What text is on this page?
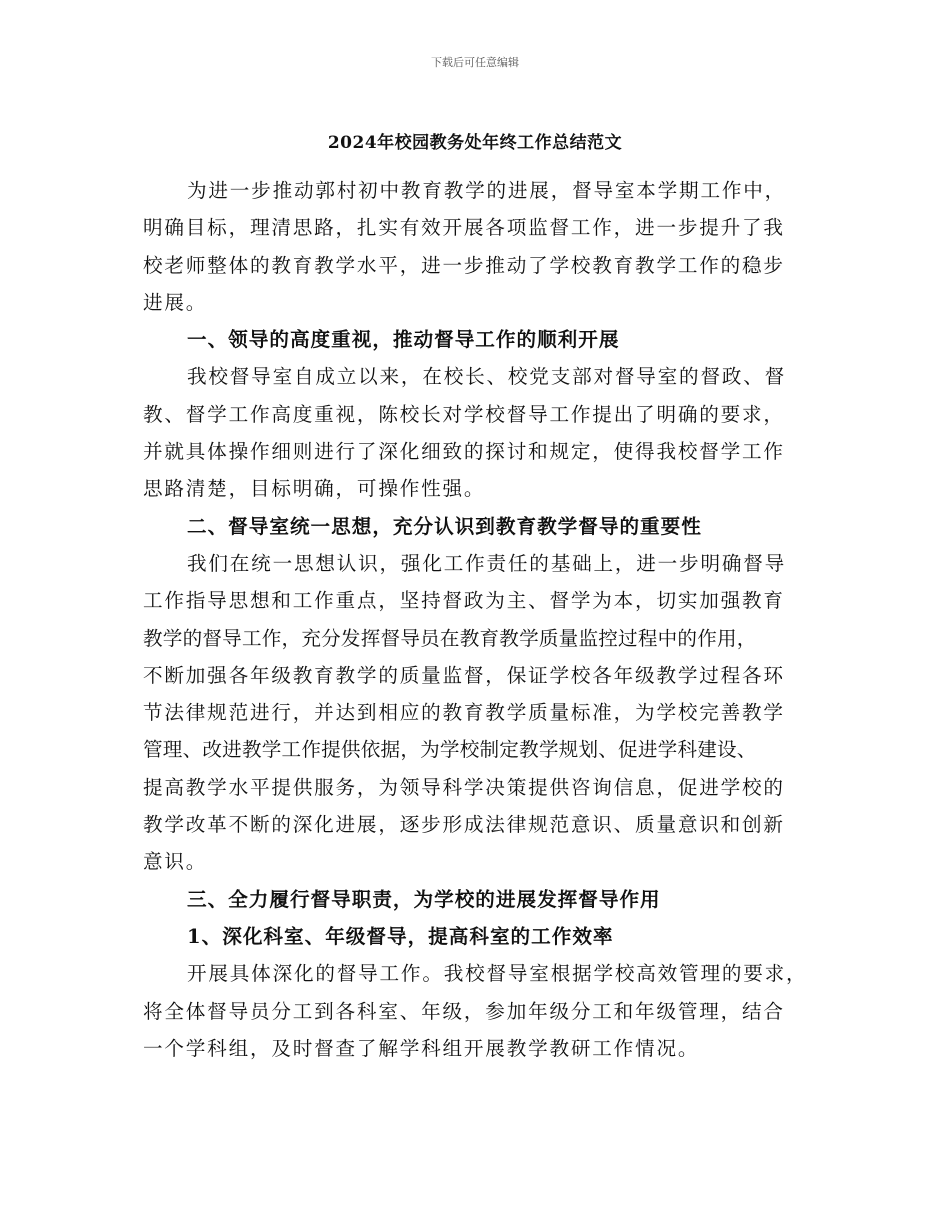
下载后可任意编辑
2024年校园教务处年终工作总结范文
为进一步推动郭村初中教育教学的进展，督导室本学期工作中，
明确目标，理清思路，扎实有效开展各项监督工作，进一步提升了我
校老师整体的教育教学水平，进一步推动了学校教育教学工作的稳步
进展。
一、领导的高度重视，推动督导工作的顺利开展
我校督导室自成立以来，在校长、校党支部对督导室的督政、督
教、督学工作高度重视，陈校长对学校督导工作提出了明确的要求，
并就具体操作细则进行了深化细致的探讨和规定，使得我校督学工作
思路清楚，目标明确，可操作性强。
二、督导室统一思想，充分认识到教育教学督导的重要性
我们在统一思想认识，强化工作责任的基础上，进一步明确督导
工作指导思想和工作重点，坚持督政为主、督学为本，切实加强教育
教学的督导工作，充分发挥督导员在教育教学质量监控过程中的作用，
不断加强各年级教育教学的质量监督，保证学校各年级教学过程各环
节法律规范进行，并达到相应的教育教学质量标准，为学校完善教学
管理、改进教学工作提供依据，为学校制定教学规划、促进学科建设、
提高教学水平提供服务，为领导科学决策提供咨询信息，促进学校的
教学改革不断的深化进展，逐步形成法律规范意识、质量意识和创新
意识。
三、全力履行督导职责，为学校的进展发挥督导作用
1、深化科室、年级督导，提高科室的工作效率
开展具体深化的督导工作。我校督导室根据学校高效管理的要求，
将全体督导员分工到各科室、年级，参加年级分工和年级管理，结合
一个学科组，及时督查了解学科组开展教学教研工作情况。
